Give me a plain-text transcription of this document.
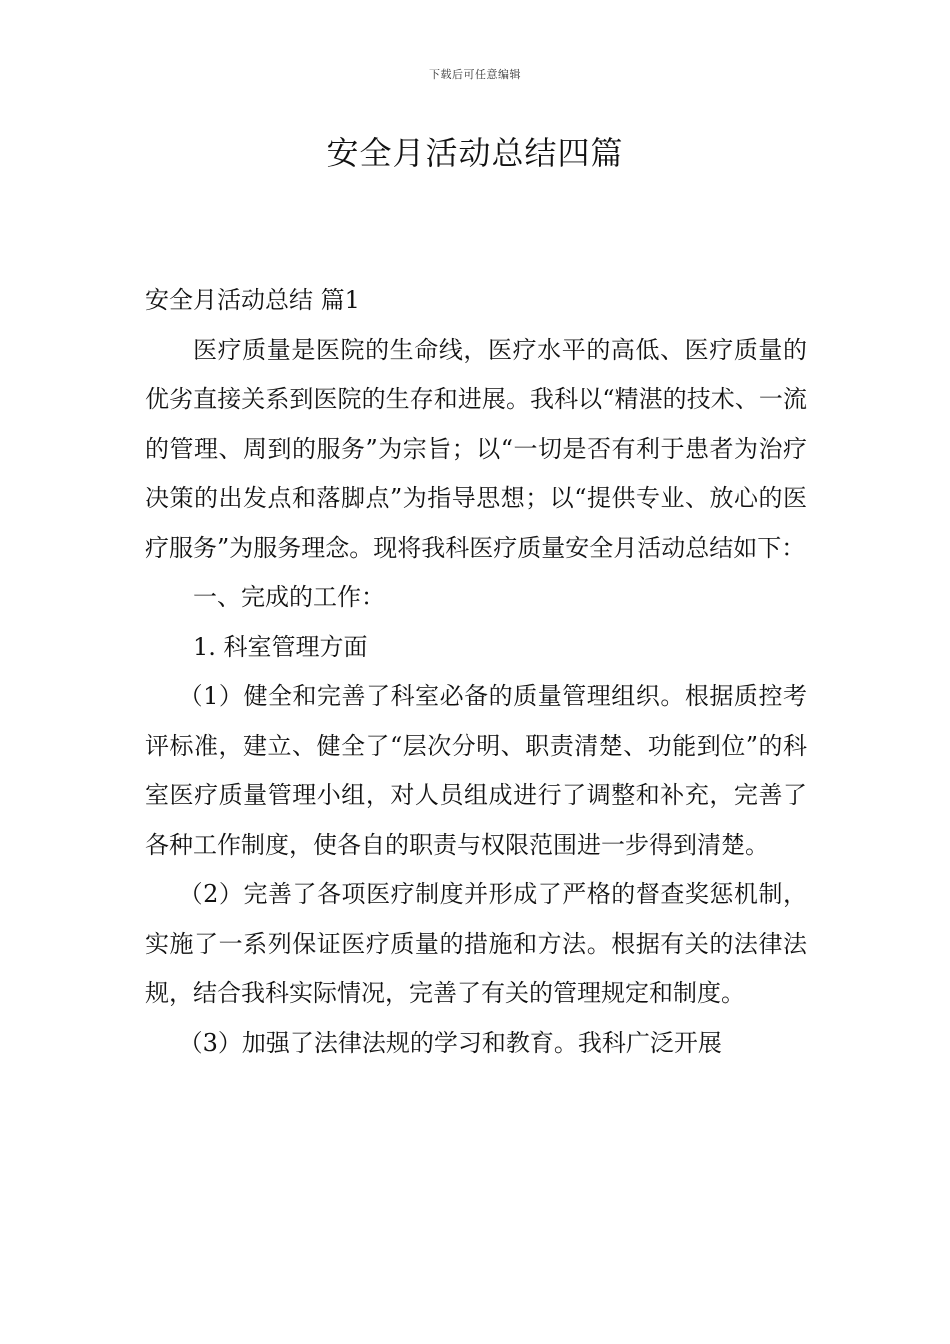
下载后可任意编辑
安全月活动总结四篇

安全月活动总结 篇1

医疗质量是医院的生命线，医疗水平的高低、医疗质量的优劣直接关系到医院的生存和进展。我科以“精湛的技术、一流的管理、周到的服务”为宗旨；以“一切是否有利于患者为治疗决策的出发点和落脚点”为指导思想；以“提供专业、放心的医疗服务”为服务理念。现将我科医疗质量安全月活动总结如下：

一、完成的工作：

1. 科室管理方面

（1）健全和完善了科室必备的质量管理组织。根据质控考评标准，建立、健全了“层次分明、职责清楚、功能到位”的科室医疗质量管理小组，对人员组成进行了调整和补充，完善了各种工作制度，使各自的职责与权限范围进一步得到清楚。

（2）完善了各项医疗制度并形成了严格的督查奖惩机制，实施了一系列保证医疗质量的措施和方法。根据有关的法律法规，结合我科实际情况，完善了有关的管理规定和制度。

（3）加强了法律法规的学习和教育。我科广泛开展
